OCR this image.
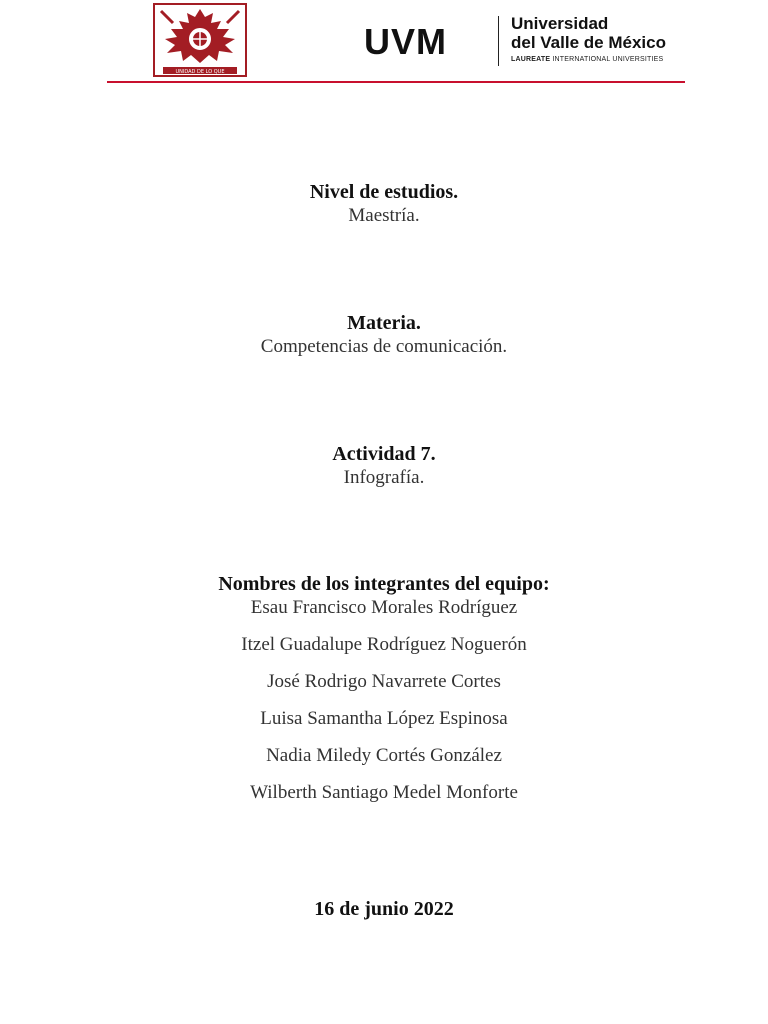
UNIDAD DE LO QUE
UVM	Universidad
del Valle de México
LAUREATE INTERNATIONAL UNIVERSITIES
Nivel de estudios.
Maestría.
Materia.
Competencias de comunicación.
Actividad 7.
Infografía.
Nombres de los integrantes del equipo:
Esau Francisco Morales Rodríguez
Itzel Guadalupe Rodríguez Noguerón
José Rodrigo Navarrete Cortes
Luisa Samantha López Espinosa
Nadia Miledy Cortés González
Wilberth Santiago Medel Monforte
16 de junio 2022
